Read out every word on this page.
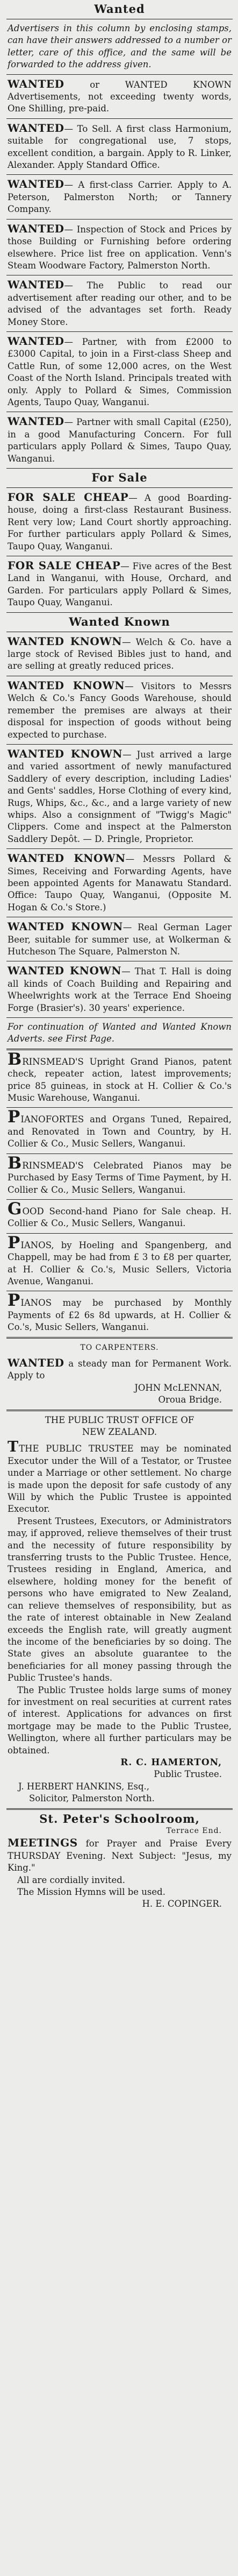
Wanted
Advertisers in this column by enclosing stamps, can have their answers addressed to a number or letter, care of this office, and the same will be forwarded to the address given.
WANTED	or WANTED KNOWN Advertisements, not exceeding twenty words, One Shilling, pre-paid.
WANTED— To Sell. A first class Harmonium, suitable for congregational use, 7 stops, excellent condition, a bargain. Apply to R. Linker, Alexander. Apply Standard Office.
WANTED— A first-class Carrier. Apply to A. Peterson, Palmerston North; or Tannery Company.
WANTED— Inspection of Stock and Prices by those Building or Furnishing before ordering elsewhere. Price list free on application. Venn's Steam Woodware Factory, Palmerston North.
WANTED— The Public to read our advertisement after reading our other, and to be advised of the advantages set forth. Ready Money Store.
WANTED— Partner, with from £2000 to £3000 Capital, to join in a First-class Sheep and Cattle Run, of some 12,000 acres, on the West Coast of the North Island. Principals treated with only. Apply to Pollard & Simes, Commission Agents, Taupo Quay, Wanganui.
WANTED— Partner with small Capital (£250), in a good Manufacturing Concern. For full particulars apply Pollard & Simes, Taupo Quay, Wanganui.
For Sale
FOR SALE CHEAP— A good Boarding-house, doing a first-class Restaurant Business. Rent very low; Land Court shortly approaching. For further particulars apply Pollard & Simes, Taupo Quay, Wanganui.
FOR SALE CHEAP— Five acres of the Best Land in Wanganui, with House, Orchard, and Garden. For particulars apply Pollard & Simes, Taupo Quay, Wanganui.
Wanted Known
WANTED KNOWN— Welch & Co. have a large stock of Revised Bibles just to hand, and are selling at greatly reduced prices.
WANTED KNOWN— Visitors to Messrs Welch & Co.'s Fancy Goods Warehouse, should remember the premises are always at their disposal for inspection of goods without being expected to purchase.
WANTED KNOWN— Just arrived a large and varied assortment of newly manufactured Saddlery of every description, including Ladies' and Gents' saddles, Horse Clothing of every kind, Rugs, Whips, &c., &c., and a large variety of new whips. Also a consignment of "Twigg's Magic" Clippers. Come and inspect at the Palmerston Saddlery Depôt. — D. Pringle, Proprietor.
WANTED KNOWN— Messrs Pollard & Simes, Receiving and Forwarding Agents, have been appointed Agents for Manawatu Standard. Office: Taupo Quay, Wanganui, (Opposite M. Hogan & Co.'s Store.)
WANTED KNOWN— Real German Lager Beer, suitable for summer use, at Wolkerman & Hutcheson The Square, Palmerston N.
WANTED KNOWN— That T. Hall is doing all kinds of Coach Building and Repairing and Wheelwrights work at the Terrace End Shoeing Forge (Brasier's). 30 years' experience.
For continuation of Wanted and Wanted Known Adverts. see First Page.
BRINSMEAD'S Upright Grand Pianos, patent check, repeater action, latest improvements; price 85 guineas, in stock at H. Collier & Co.'s Music Warehouse, Wanganui.
PIANOFORTES and Organs Tuned, Repaired, and Renovated in Town and Country, by H. Collier & Co., Music Sellers, Wanganui.
BRINSMEAD'S Celebrated Pianos may be Purchased by Easy Terms of Time Payment, by H. Collier & Co., Music Sellers, Wanganui.
GOOD Second-hand Piano for Sale cheap. H. Collier & Co., Music Sellers, Wanganui.
PIANOS, by Hoeling and Spangenberg, and Chappell, may be had from £ 3 to £8 per quarter, at H. Collier & Co.'s, Music Sellers, Victoria Avenue, Wanganui.
PIANOS may be purchased by Monthly Payments of £2 6s 8d upwards, at H. Collier & Co.'s, Music Sellers, Wanganui.
TO CARPENTERS.
WANTED a steady man for Permanent Work. Apply to
JOHN McLENNAN,
Oroua Bridge.
THE PUBLIC TRUST OFFICE OF
NEW ZEALAND.
TTHE PUBLIC TRUSTEE may be nominated Executor under the Will of a Testator, or Trustee under a Marriage or other settlement. No charge is made upon the deposit for safe custody of any Will by which the Public Trustee is appointed Executor.
Present Trustees, Executors, or Administrators may, if approved, relieve themselves of their trust and the necessity of future responsibility by transferring trusts to the Public Trustee. Hence, Trustees residing in England, America, and elsewhere, holding money for the benefit of persons who have emigrated to New Zealand, can relieve themselves of responsibility, but as the rate of interest obtainable in New Zealand exceeds the English rate, will greatly augment the income of the beneficiaries by so doing. The State gives an absolute guarantee to the beneficiaries for all money passing through the Public Trustee's hands.
The Public Trustee holds large sums of money for investment on real securities at current rates of interest. Applications for advances on first mortgage may be made to the Public Trustee, Wellington, where all further particulars may be obtained.
R. C. HAMERTON,
Public Trustee.
J. HERBERT HANKINS, Esq.,
Solicitor, Palmerston North.
St. Peter's Schoolroom,
Terrace End.
MEETINGS for Prayer and Praise Every THURSDAY Evening. Next Subject: "Jesus, my King."
All are cordially invited.
The Mission Hymns will be used.
H. E. COPINGER.
